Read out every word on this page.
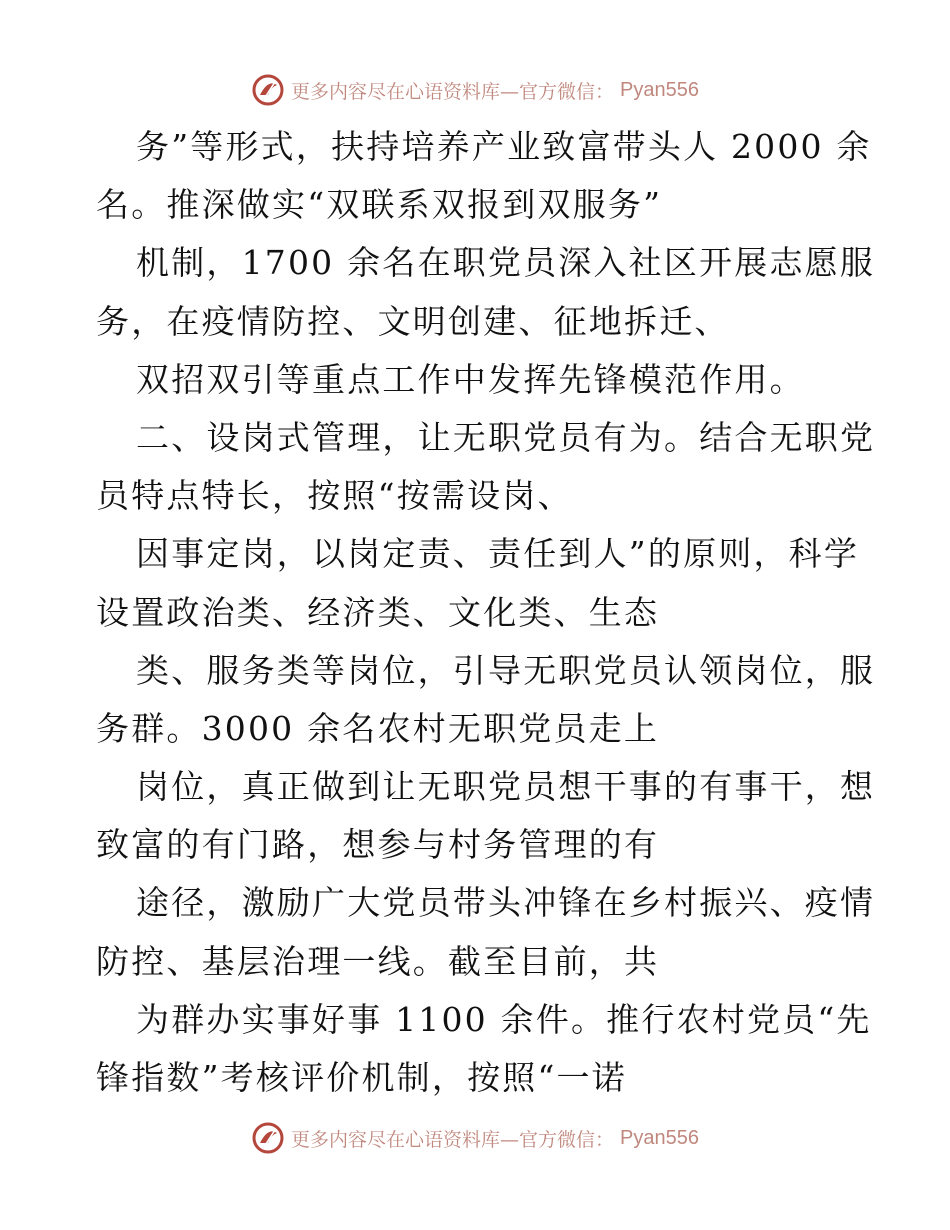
更多内容尽在心语资料库—官方微信： Pyan556
务”等形式，扶持培养产业致富带头人 2000 余
名。推深做实“双联系双报到双服务”
机制，1700 余名在职党员深入社区开展志愿服
务，在疫情防控、文明创建、征地拆迁、
双招双引等重点工作中发挥先锋模范作用。
二、设岗式管理，让无职党员有为。结合无职党
员特点特长，按照“按需设岗、
因事定岗，以岗定责、责任到人”的原则，科学
设置政治类、经济类、文化类、生态
类、服务类等岗位，引导无职党员认领岗位，服
务群。3000 余名农村无职党员走上
岗位，真正做到让无职党员想干事的有事干，想
致富的有门路，想参与村务管理的有
途径，激励广大党员带头冲锋在乡村振兴、疫情
防控、基层治理一线。截至目前，共
为群办实事好事 1100 余件。推行农村党员“先
锋指数”考核评价机制，按照“一诺
更多内容尽在心语资料库—官方微信： Pyan556
